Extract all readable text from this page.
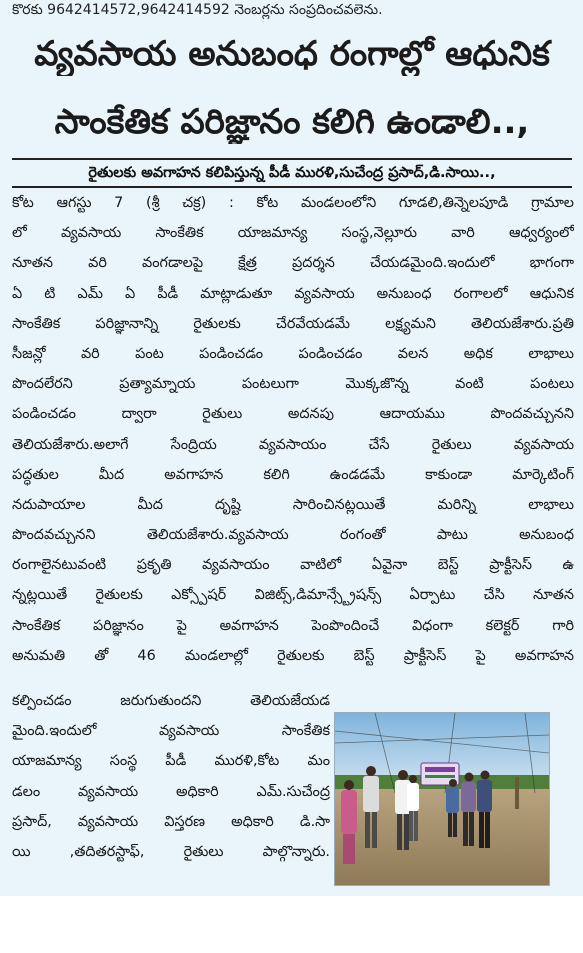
కొరకు 9642414572,9642414592 నెంబర్లను సంప్రదించవలెను.
వ్యవసాయ అనుబంధ రంగాల్లో ఆధునిక
సాంకేతిక పరిజ్ఞానం కలిగి ఉండాలి..,
రైతులకు అవగాహన కలిపిస్తున్న పీడీ మురళి,సుచేంద్ర ప్రసాద్,డి.సాయి..,
కోట ఆగస్టు 7 (శ్రీ చక్ర) : కోట మండలంలోని గూడలి,తిన్నెలపూడి గ్రామాల
లో వ్యవసాయ సాంకేతిక యాజమాన్య సంస్థ,నెల్లూరు వారి ఆధ్వర్యంలో
నూతన వరి వంగడాలపై క్షేత్ర ప్రదర్శన చేయడమైంది.ఇందులో భాగంగా
ఏ టి ఎమ్ ఏ పీడీ మాట్లాడుతూ వ్యవసాయ అనుబంధ రంగాలలో ఆధునిక
సాంకేతిక పరిజ్ఞానాన్ని రైతులకు చేరవేయడమే లక్ష్యమని తెలియజేశారు.ప్రతి
సీజన్లో వరి పంట పండించడం పండించడం వలన అధిక లాభాలు
పొందలేరని ప్రత్యామ్నాయ పంటలుగా మొక్కజొన్న వంటి పంటలు
పండించడం ద్వారా రైతులు అదనపు ఆదాయము పొందవచ్చునని
తెలియజేశారు.అలాగే సేంద్రియ వ్యవసాయం చేసే రైతులు వ్యవసాయ
పద్ధతుల మీద అవగాహన కలిగి ఉండడమే కాకుండా మార్కెటింగ్
నదుపాయాల మీద దృష్టి సారించినట్లయితే మరిన్ని లాభాలు
పొందవచ్చునని తెలియజేశారు.వ్యవసాయ రంగంతో పాటు అనుబంధ
రంగాలైనటువంటి ప్రకృతి వ్యవసాయం వాటిలో ఏవైనా బెస్ట్ ప్రాక్టీసెస్ ఉ
న్నట్లయితే రైతులకు ఎక్స్పోషర్ విజిట్స్,డిమాన్స్ట్రేషన్స్ ఏర్పాటు చేసి నూతన
సాంకేతిక పరిజ్ఞానం పై అవగాహన పెంపొందించే విధంగా కలెక్టర్ గారి
అనుమతి తో 46 మండలాల్లో రైతులకు బెస్ట్ ప్రాక్టీసెస్ పై అవగాహన
కల్పించడం జరుగుతుందని తెలియజేయడ
మైంది.ఇందులో వ్యవసాయ సాంకేతిక
యాజమాన్య సంస్థ పీడీ మురళి,కోట మం
డలం వ్యవసాయ అధికారి ఎమ్.సుచేంద్ర
ప్రసాద్, వ్యవసాయ విస్తరణ అధికారి డి.సా
యి ,తదితరస్టాఫ్, రైతులు పాల్గొన్నారు.
